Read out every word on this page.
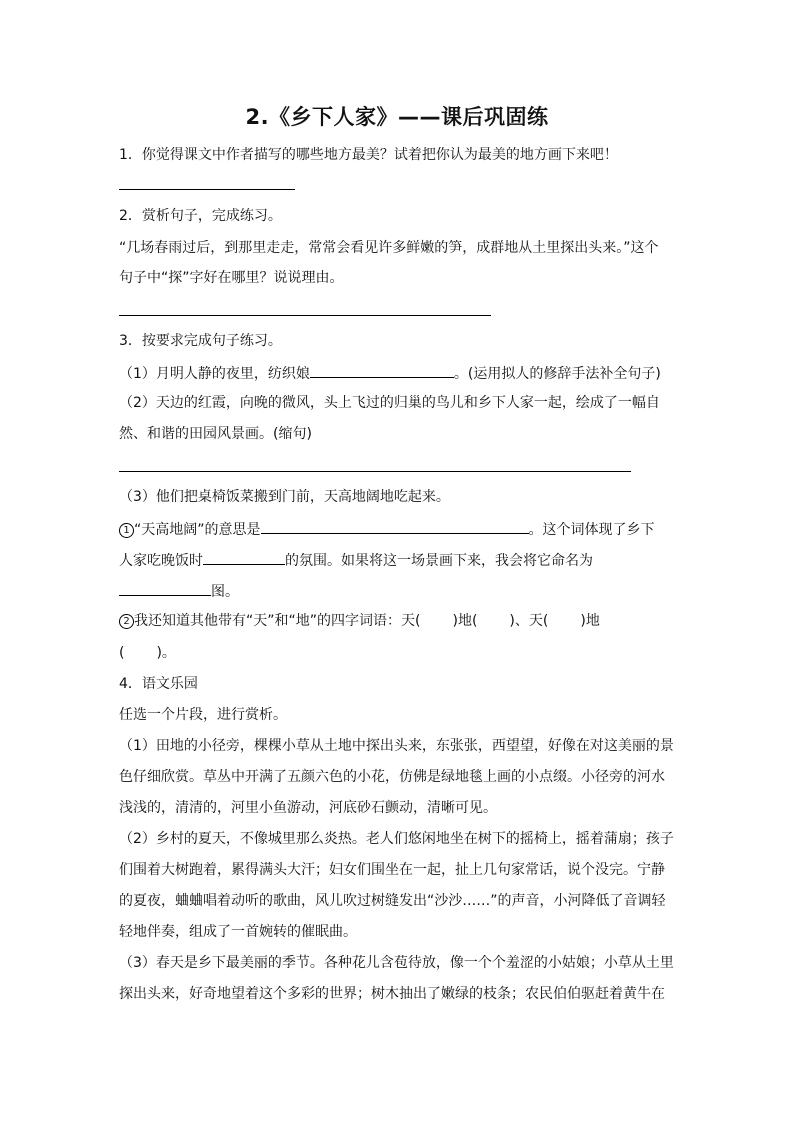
2.《乡下人家》——课后巩固练
1．你觉得课文中作者描写的哪些地方最美？试着把你认为最美的地方画下来吧！
2．赏析句子，完成练习。
“几场春雨过后，到那里走走，常常会看见许多鲜嫩的笋，成群地从土里探出头来。”这个
句子中“探”字好在哪里？说说理由。
3．按要求完成句子练习。
（1）月明人静的夜里，纺织娘	。(运用拟人的修辞手法补全句子)
（2）天边的红霞，向晚的微风，头上飞过的归巢的鸟儿和乡下人家一起，绘成了一幅自
然、和谐的田园风景画。(缩句)
（3）他们把桌椅饭菜搬到门前，天高地阔地吃起来。
1 “天高地阔”的意思是	。这个词体现了乡下
人家吃晚饭时	的氛围。如果将这一场景画下来，我会将它命名为
图。
2 我还知道其他带有“天”和“地”的四字词语：天( )地( )、天( )地
( )。
4．语文乐园
任选一个片段，进行赏析。
（1）田地的小径旁，棵棵小草从土地中探出头来，东张张，西望望，好像在对这美丽的景
色仔细欣赏。草丛中开满了五颜六色的小花，仿佛是绿地毯上画的小点缀。小径旁的河水
浅浅的，清清的，河里小鱼游动，河底砂石颤动，清晰可见。
（2）乡村的夏天，不像城里那么炎热。老人们悠闲地坐在树下的摇椅上，摇着蒲扇；孩子
们围着大树跑着，累得满头大汗；妇女们围坐在一起，扯上几句家常话，说个没完。宁静
的夏夜，蛐蛐唱着动听的歌曲，风儿吹过树缝发出“沙沙……”的声音，小河降低了音调轻
轻地伴奏，组成了一首婉转的催眠曲。
（3）春天是乡下最美丽的季节。各种花儿含苞待放，像一个个羞涩的小姑娘；小草从土里
探出头来，好奇地望着这个多彩的世界；树木抽出了嫩绿的枝条；农民伯伯驱赶着黄牛在
